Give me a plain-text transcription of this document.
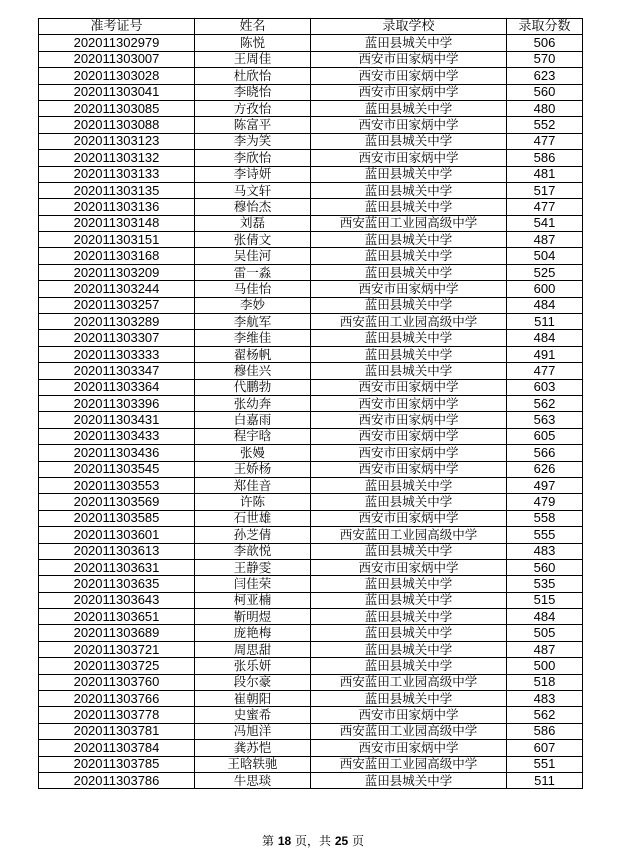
准考证号	姓名	录取学校	录取分数
202011302979	陈悦	蓝田县城关中学	506
202011303007	王周佳	西安市田家炳中学	570
202011303028	杜欣怡	西安市田家炳中学	623
202011303041	李晓怡	西安市田家炳中学	560
202011303085	方孜怡	蓝田县城关中学	480
202011303088	陈富平	西安市田家炳中学	552
202011303123	李为笑	蓝田县城关中学	477
202011303132	李欣怡	西安市田家炳中学	586
202011303133	李诗妍	蓝田县城关中学	481
202011303135	马文轩	蓝田县城关中学	517
202011303136	穆怡杰	蓝田县城关中学	477
202011303148	刘磊	西安蓝田工业园高级中学	541
202011303151	张倩文	蓝田县城关中学	487
202011303168	吴佳河	蓝田县城关中学	504
202011303209	雷一淼	蓝田县城关中学	525
202011303244	马佳怡	西安市田家炳中学	600
202011303257	李妙	蓝田县城关中学	484
202011303289	李航军	西安蓝田工业园高级中学	511
202011303307	李维佳	蓝田县城关中学	484
202011303333	翟杨帆	蓝田县城关中学	491
202011303347	穆佳兴	蓝田县城关中学	477
202011303364	代鹏勃	西安市田家炳中学	603
202011303396	张幼奔	西安市田家炳中学	562
202011303431	白嘉雨	西安市田家炳中学	563
202011303433	程宇晗	西安市田家炳中学	605
202011303436	张嫚	西安市田家炳中学	566
202011303545	王娇杨	西安市田家炳中学	626
202011303553	郑佳音	蓝田县城关中学	497
202011303569	许陈	蓝田县城关中学	479
202011303585	石世雄	西安市田家炳中学	558
202011303601	孙芝倩	西安蓝田工业园高级中学	555
202011303613	李歆悦	蓝田县城关中学	483
202011303631	王静雯	西安市田家炳中学	560
202011303635	闫佳荣	蓝田县城关中学	535
202011303643	柯亚楠	蓝田县城关中学	515
202011303651	靳明煜	蓝田县城关中学	484
202011303689	庞艳梅	蓝田县城关中学	505
202011303721	周思甜	蓝田县城关中学	487
202011303725	张乐妍	蓝田县城关中学	500
202011303760	段尔豪	西安蓝田工业园高级中学	518
202011303766	崔朝阳	蓝田县城关中学	483
202011303778	史蜜希	西安市田家炳中学	562
202011303781	冯旭洋	西安蓝田工业园高级中学	586
202011303784	龚苏恺	西安市田家炳中学	607
202011303785	王晗轶驰	西安蓝田工业园高级中学	551
202011303786	牛思琰	蓝田县城关中学	511
第 18 页，共 25 页
